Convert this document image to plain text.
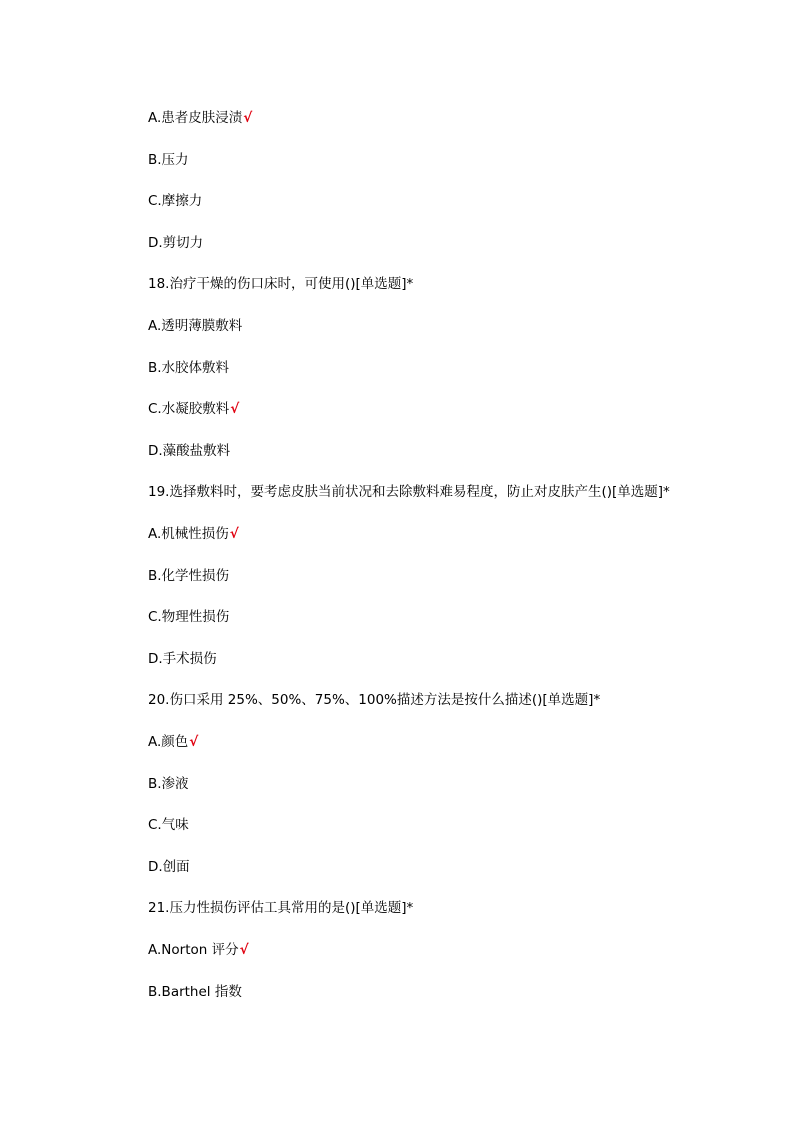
A.患者皮肤浸渍√
B.压力
C.摩擦力
D.剪切力
18.治疗干燥的伤口床时，可使用()[单选题]*
A.透明薄膜敷料
B.水胶体敷料
C.水凝胶敷料√
D.藻酸盐敷料
19.选择敷料时，要考虑皮肤当前状况和去除敷料难易程度，防止对皮肤产生()[单选题]*
A.机械性损伤√
B.化学性损伤
C.物理性损伤
D.手术损伤
20.伤口采用 25%、50%、75%、100%描述方法是按什么描述()[单选题]*
A.颜色√
B.渗液
C.气味
D.创面
21.压力性损伤评估工具常用的是()[单选题]*
A.Norton 评分√
B.Barthel 指数
